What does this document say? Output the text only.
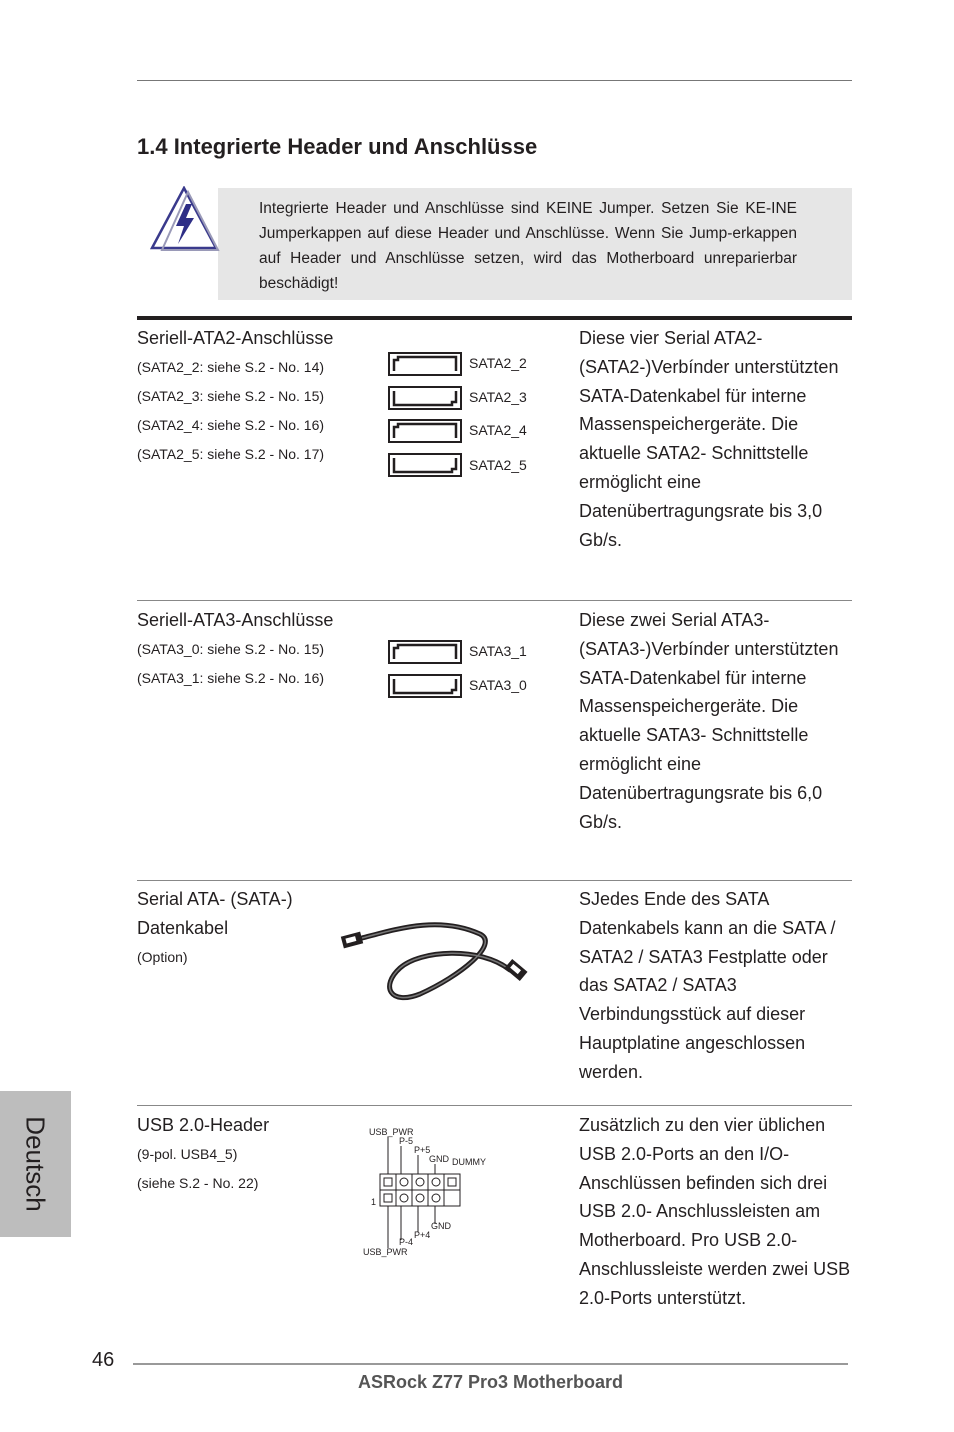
1.4 Integrierte Header und Anschlüsse

Integrierte Header und Anschlüsse sind KEINE Jumper. Setzen Sie KE-INE Jumperkappen auf diese Header und Anschlüsse. Wenn Sie Jump-erkappen auf Header und Anschlüsse setzen, wird das Motherboard unreparierbar beschädigt!

Seriell-ATA2-Anschlüsse
(SATA2_2: siehe S.2 - No. 14)
(SATA2_3: siehe S.2 - No. 15)
(SATA2_4: siehe S.2 - No. 16)
(SATA2_5: siehe S.2 - No. 17)
SATA2_2
SATA2_3
SATA2_4
SATA2_5

Diese vier Serial ATA2-(SATA2-)Verbínder unterstützten SATA-Datenkabel für interne Massenspeichergeräte. Die aktuelle SATA2- Schnittstelle ermöglicht eine Datenübertragungsrate bis 3,0 Gb/s.

Seriell-ATA3-Anschlüsse
(SATA3_0: siehe S.2 - No. 15)
(SATA3_1: siehe S.2 - No. 16)
SATA3_1
SATA3_0

Diese zwei Serial ATA3-(SATA3-)Verbínder unterstützten SATA-Datenkabel für interne Massenspeichergeräte. Die aktuelle SATA3- Schnittstelle ermöglicht eine Datenübertragungsrate bis 6,0 Gb/s.

Serial ATA- (SATA-) Datenkabel
(Option)

SJedes Ende des SATA Datenkabels kann an die SATA / SATA2 / SATA3 Festplatte oder das SATA2 / SATA3 Verbindungsstück auf dieser Hauptplatine angeschlossen werden.

USB 2.0-Header
(9-pol. USB4_5)
(siehe S.2 - No. 22)
USB_PWR
P-5
P+5
GND DUMMY
1
GND
P+4
P-4
USB_PWR

Zusätzlich zu den vier üblichen USB 2.0-Ports an den I/O-Anschlüssen befinden sich drei USB 2.0- Anschlussleisten am Motherboard. Pro USB 2.0-Anschlussleiste werden zwei USB 2.0-Ports unterstützt.

Deutsch
46
ASRock Z77 Pro3 Motherboard
